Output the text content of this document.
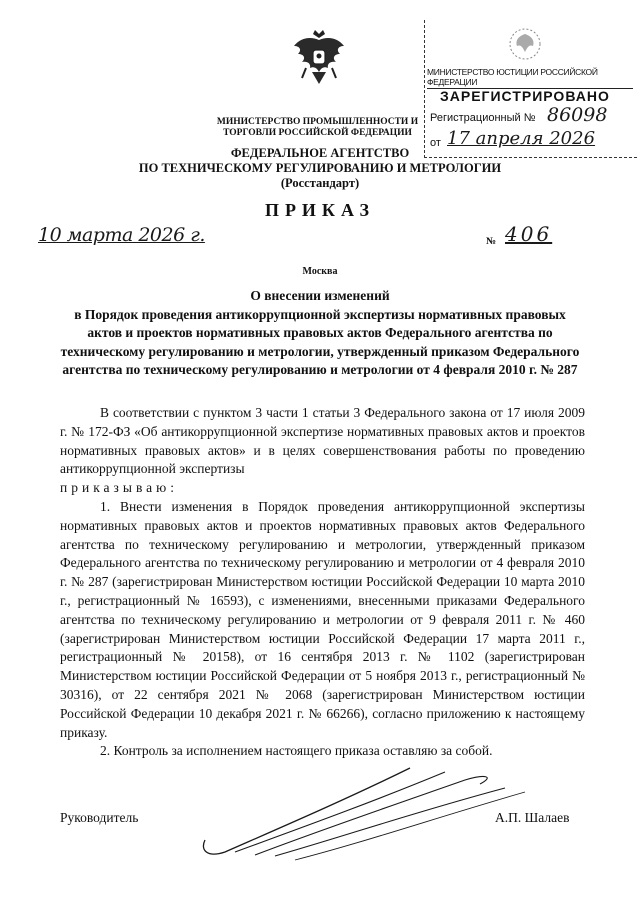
МИНИСТЕРСТВО ПРОМЫШЛЕННОСТИ И ТОРГОВЛИ РОССИЙСКОЙ ФЕДЕРАЦИИ
ФЕДЕРАЛЬНОЕ АГЕНТСТВО
ПО ТЕХНИЧЕСКОМУ РЕГУЛИРОВАНИЮ И МЕТРОЛОГИИ
(Росстандарт)
ПРИКАЗ
10 марта 2026 г.	№ 406
Москва
МИНИСТЕРСТВО ЮСТИЦИИ РОССИЙСКОЙ ФЕДЕРАЦИИ
ЗАРЕГИСТРИРОВАНО
Регистрационный № 86098
от 17 апреля 2026
О внесении изменений
в Порядок проведения антикоррупционной экспертизы нормативных правовых актов и проектов нормативных правовых актов Федерального агентства по техническому регулированию и метрологии, утвержденный приказом Федерального агентства по техническому регулированию и метрологии от 4 февраля 2010 г. № 287

В соответствии с пунктом 3 части 1 статьи 3 Федерального закона от 17 июля 2009 г. № 172-ФЗ «Об антикоррупционной экспертизе нормативных правовых актов и проектов нормативных правовых актов» и в целях совершенствования работы по проведению антикоррупционной экспертизы

приказываю:

1. Внести изменения в Порядок проведения антикоррупционной экспертизы нормативных правовых актов и проектов нормативных правовых актов Федерального агентства по техническому регулированию и метрологии, утвержденный приказом Федерального агентства по техническому регулированию и метрологии от 4 февраля 2010 г. № 287 (зарегистрирован Министерством юстиции Российской Федерации 10 марта 2010 г., регистрационный № 16593), с изменениями, внесенными приказами Федерального агентства по техническому регулированию и метрологии от 9 февраля 2011 г. № 460 (зарегистрирован Министерством юстиции Российской Федерации 17 марта 2011 г., регистрационный № 20158), от 16 сентября 2013 г. № 1102 (зарегистрирован Министерством юстиции Российской Федерации от 5 ноября 2013 г., регистрационный № 30316), от 22 сентября 2021 № 2068 (зарегистрирован Министерством юстиции Российской Федерации 10 декабря 2021 г. № 66266), согласно приложению к настоящему приказу.

2. Контроль за исполнением настоящего приказа оставляю за собой.

Руководитель	А.П. Шалаев
